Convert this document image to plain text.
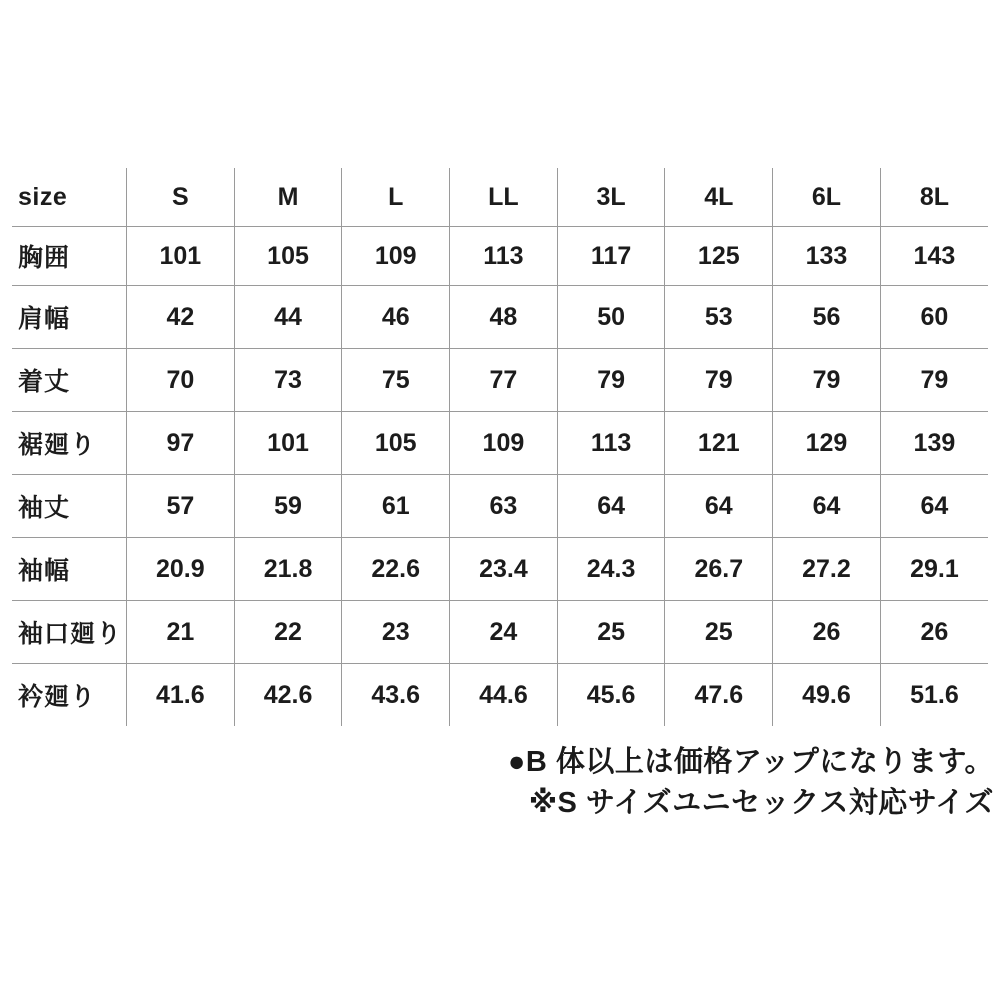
size	S	M	L	LL	3L	4L	6L	8L
胸囲	101	105	109	113	117	125	133	143
肩幅	42	44	46	48	50	53	56	60
着丈	70	73	75	77	79	79	79	79
裾廻り	97	101	105	109	113	121	129	139
袖丈	57	59	61	63	64	64	64	64
袖幅	20.9	21.8	22.6	23.4	24.3	26.7	27.2	29.1
袖口廻り	21	22	23	24	25	25	26	26
衿廻り	41.6	42.6	43.6	44.6	45.6	47.6	49.6	51.6
●B 体以上は価格アップになります。
※S サイズユニセックス対応サイズ
